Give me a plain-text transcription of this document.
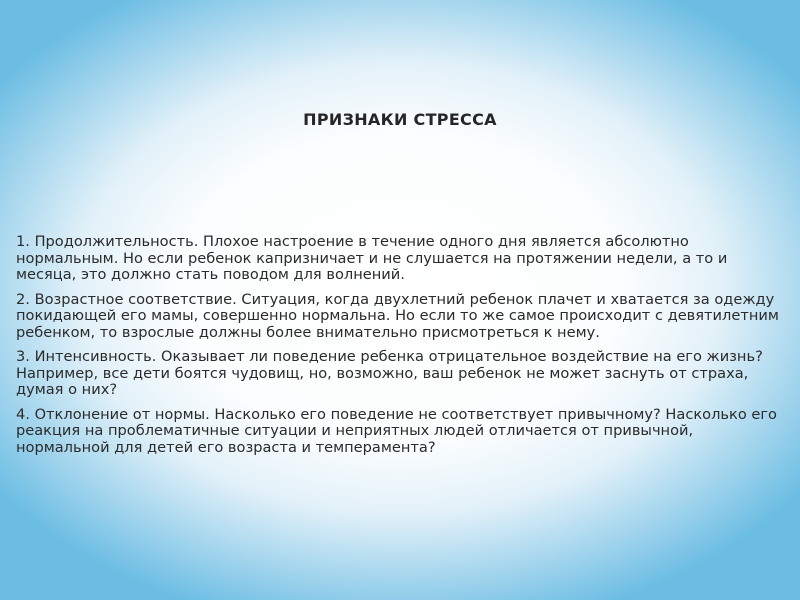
ПРИЗНАКИ СТРЕССА

1. Продолжительность. Плохое настроение в течение одного дня является абсолютно нормальным. Но если ребенок капризничает и не слушается на протяжении недели, а то и месяца, это должно стать поводом для волнений.

2. Возрастное соответствие. Ситуация, когда двухлетний ребенок плачет и хватается за одежду покидающей его мамы, совершенно нормальна. Но если то же самое происходит с девятилетним ребенком, то взрослые должны более внимательно присмотреться к нему.

3. Интенсивность. Оказывает ли поведение ребенка отрицательное воздействие на его жизнь? Например, все дети боятся чудовищ, но, возможно, ваш ребенок не может заснуть от страха, думая о них?

4. Отклонение от нормы. Насколько его поведение не соответствует привычному? Насколько его реакция на проблематичные ситуации и неприятных людей отличается от привычной, нормальной для детей его возраста и темперамента?
